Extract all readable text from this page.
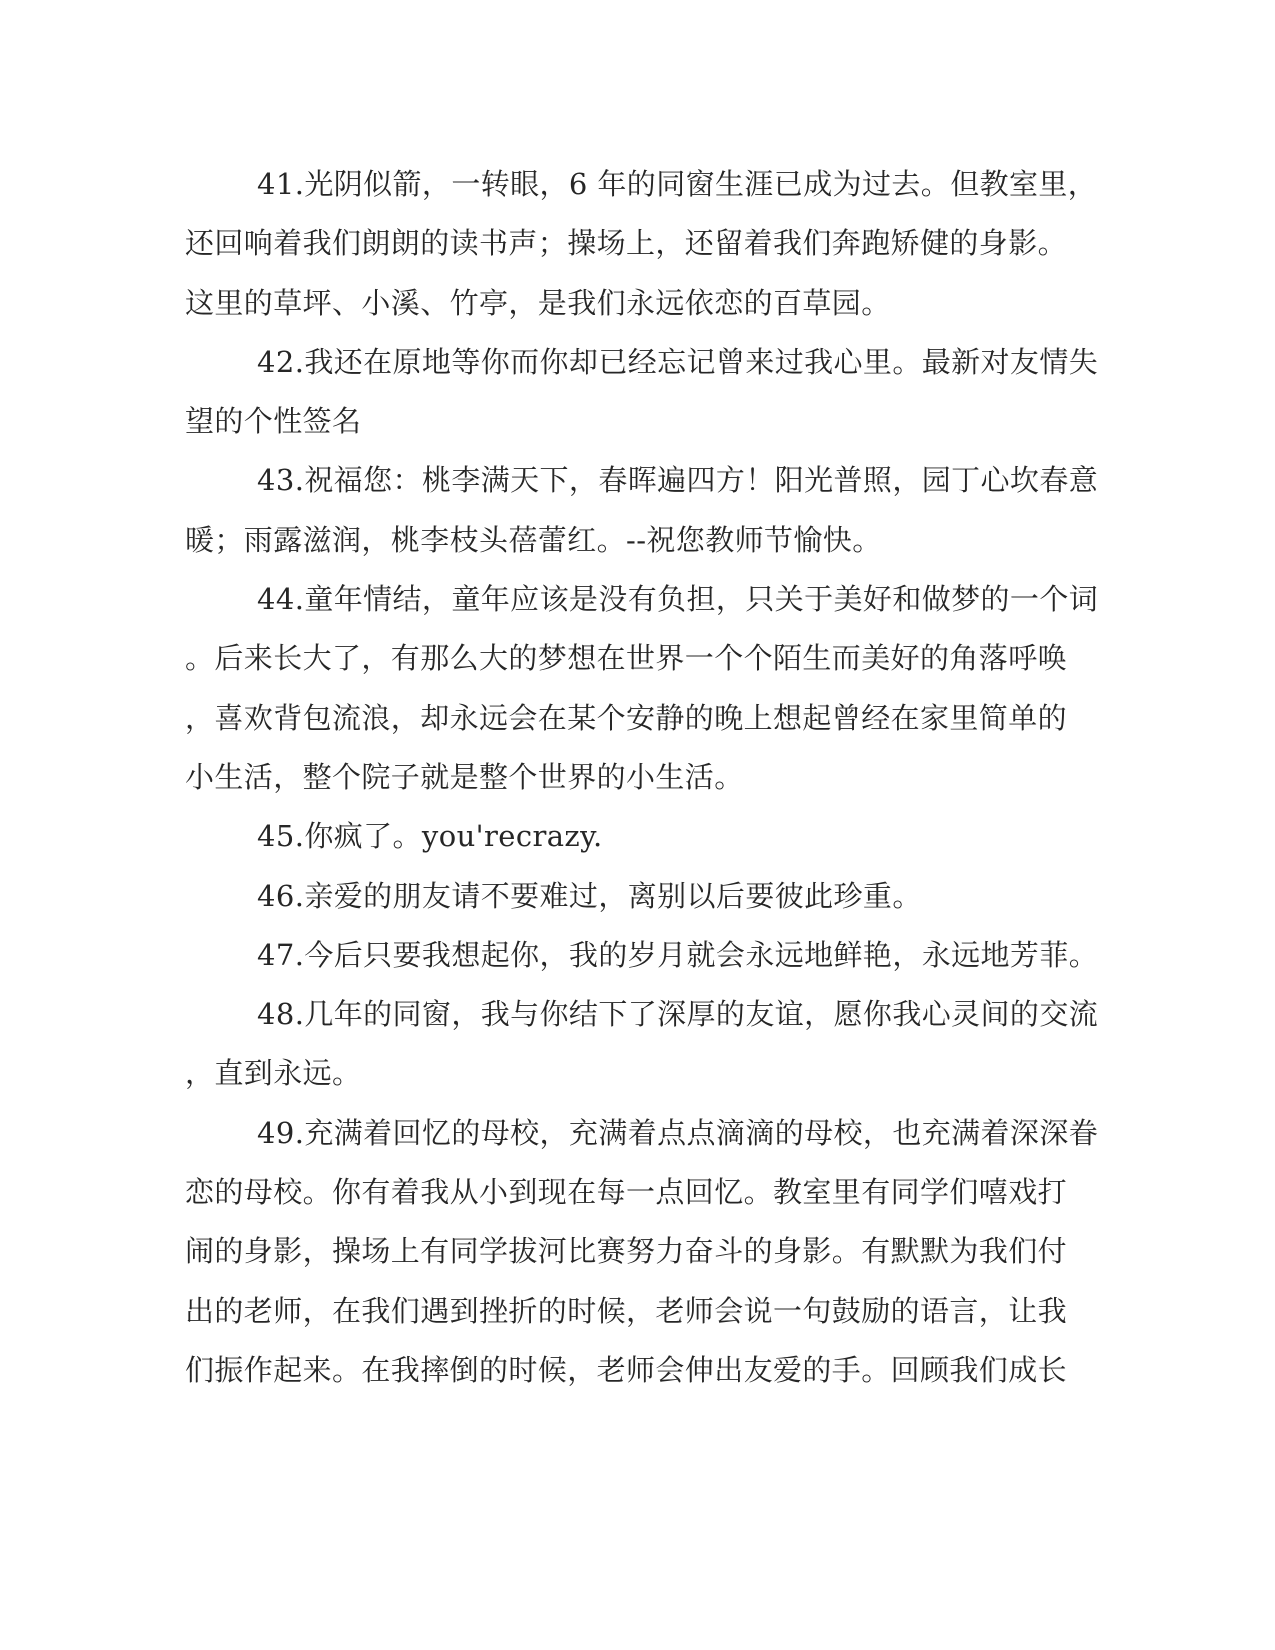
41.光阴似箭，一转眼，6 年的同窗生涯已成为过去。但教室里，
还回响着我们朗朗的读书声；操场上，还留着我们奔跑矫健的身影。
这里的草坪、小溪、竹亭，是我们永远依恋的百草园。

42.我还在原地等你而你却已经忘记曾来过我心里。最新对友情失
望的个性签名

43.祝福您：桃李满天下，春晖遍四方！阳光普照，园丁心坎春意
暖；雨露滋润，桃李枝头蓓蕾红。--祝您教师节愉快。

44.童年情结，童年应该是没有负担，只关于美好和做梦的一个词
。后来长大了，有那么大的梦想在世界一个个陌生而美好的角落呼唤
，喜欢背包流浪，却永远会在某个安静的晚上想起曾经在家里简单的
小生活，整个院子就是整个世界的小生活。

45.你疯了。you'recrazy.

46.亲爱的朋友请不要难过，离别以后要彼此珍重。

47.今后只要我想起你，我的岁月就会永远地鲜艳，永远地芳菲。

48.几年的同窗，我与你结下了深厚的友谊，愿你我心灵间的交流
，直到永远。

49.充满着回忆的母校，充满着点点滴滴的母校，也充满着深深眷
恋的母校。你有着我从小到现在每一点回忆。教室里有同学们嘻戏打
闹的身影，操场上有同学拔河比赛努力奋斗的身影。有默默为我们付
出的老师，在我们遇到挫折的时候，老师会说一句鼓励的语言，让我
们振作起来。在我摔倒的时候，老师会伸出友爱的手。回顾我们成长
